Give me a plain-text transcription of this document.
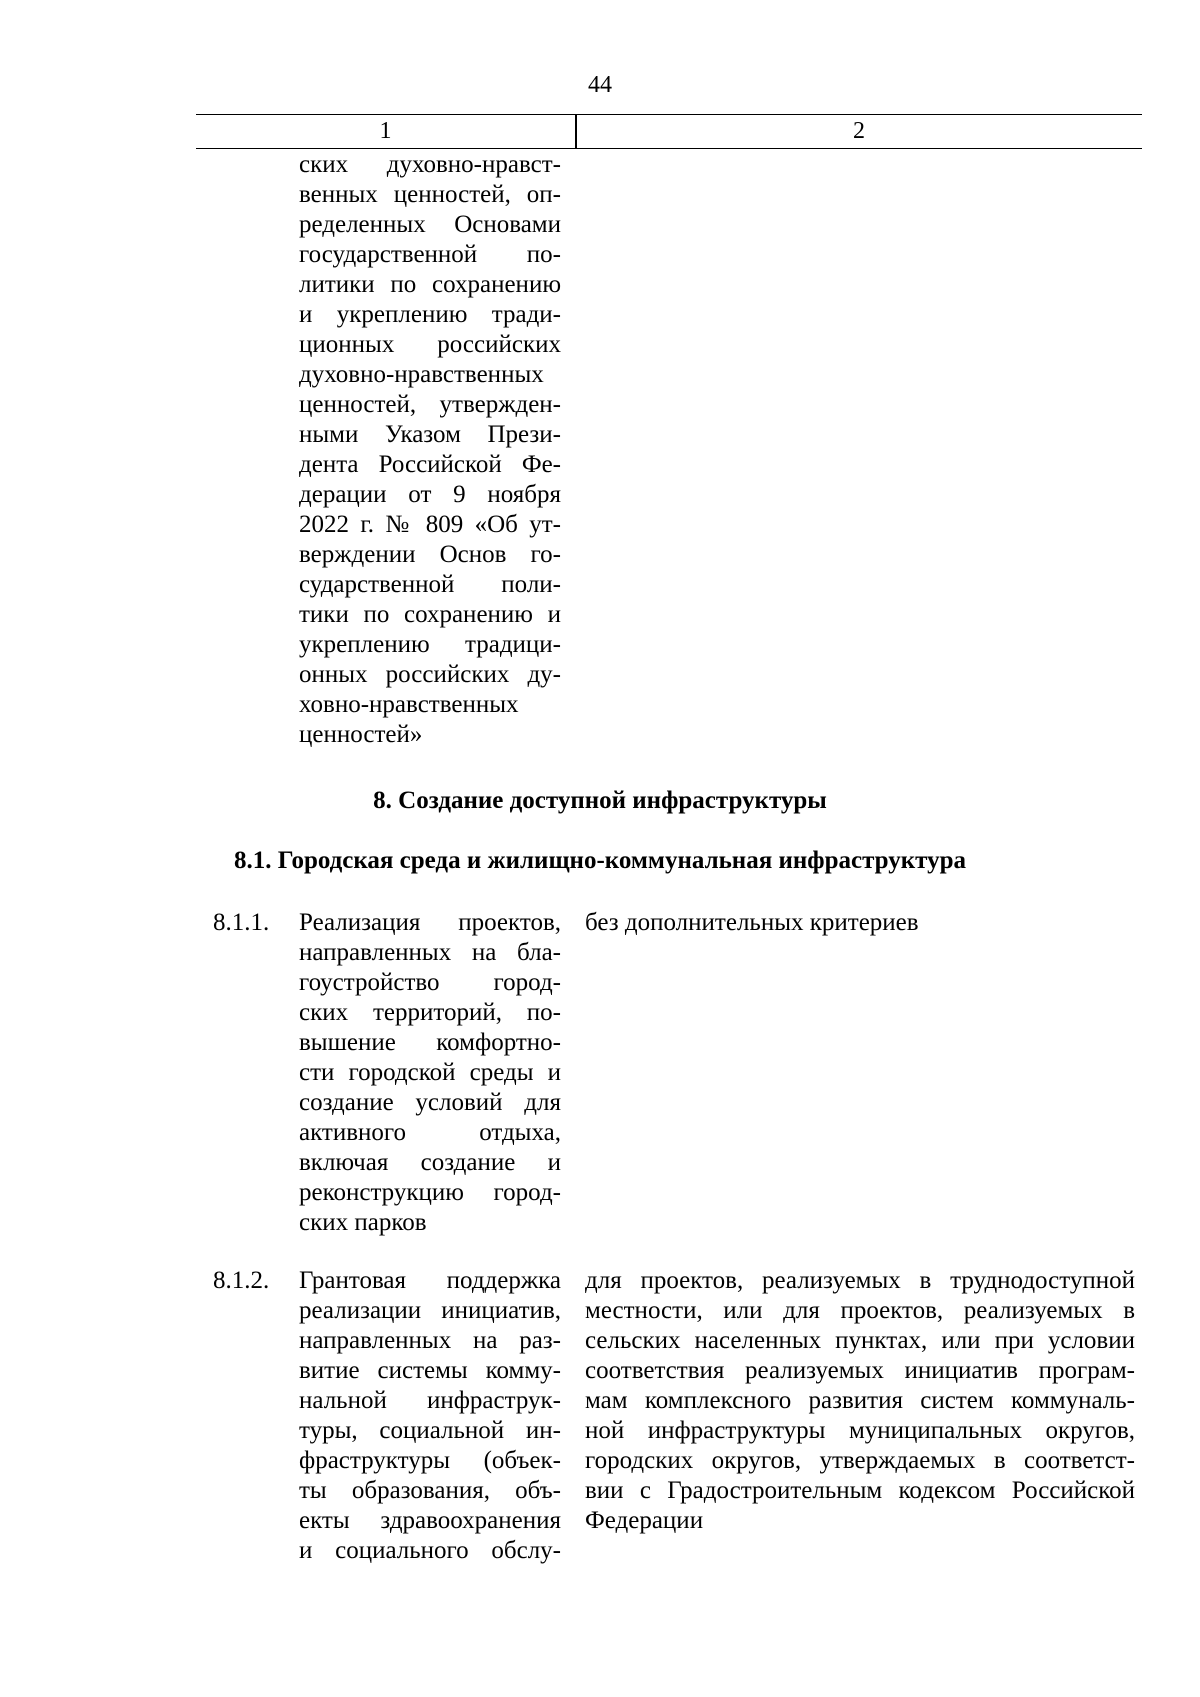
44
1	2
ских духовно-нравст-
венных ценностей, оп-
ределенных Основами
государственной по-
литики по сохранению
и укреплению тради-
ционных российских
духовно-нравственных
ценностей, утвержден-
ными Указом Прези-
дента Российской Фе-
дерации от 9 ноября
2022 г. № 809 «Об ут-
верждении Основ го-
сударственной поли-
тики по сохранению и
укреплению традици-
онных российских ду-
ховно-нравственных
ценностей»
8. Создание доступной инфраструктуры
8.1. Городская среда и жилищно-коммунальная инфраструктура
8.1.1. Реализация проектов,
направленных на бла-
гоустройство город-
ских территорий, по-
вышение комфортно-
сти городской среды и
создание условий для
активного отдыха,
включая создание и
реконструкцию город-
ских парков
без дополнительных критериев
8.1.2. Грантовая поддержка
реализации инициатив,
направленных на раз-
витие системы комму-
нальной инфраструк-
туры, социальной ин-
фраструктуры (объек-
ты образования, объ-
екты здравоохранения
и социального обслу-
для проектов, реализуемых в труднодоступной
местности, или для проектов, реализуемых в
сельских населенных пунктах, или при условии
соответствия реализуемых инициатив програм-
мам комплексного развития систем коммуналь-
ной инфраструктуры муниципальных округов,
городских округов, утверждаемых в соответст-
вии с Градостроительным кодексом Российской
Федерации
